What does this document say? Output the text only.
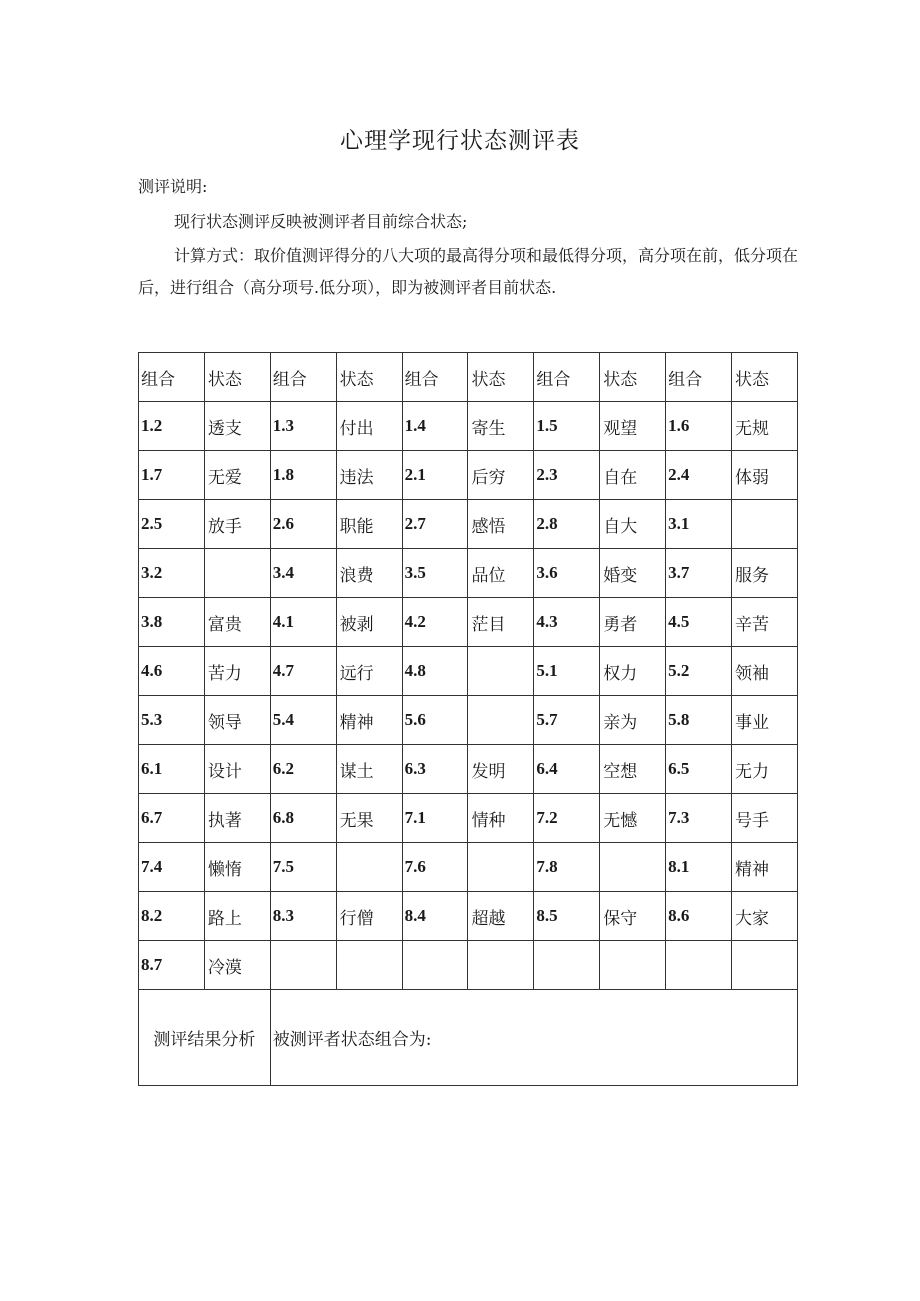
心理学现行状态测评表
测评说明:
现行状态测评反映被测评者目前综合状态;
计算方式：取价值测评得分的八大项的最高得分项和最低得分项，高分项在前，低分项在后，进行组合（高分项号.低分项），即为被测评者目前状态.
组合	状态	组合	状态	组合	状态	组合	状态	组合	状态
1.2	透支	1.3	付出	1.4	寄生	1.5	观望	1.6	无规
1.7	无爱	1.8	违法	2.1	后穷	2.3	自在	2.4	体弱
2.5	放手	2.6	职能	2.7	感悟	2.8	自大	3.1	
3.2		3.4	浪费	3.5	品位	3.6	婚变	3.7	服务
3.8	富贵	4.1	被剥	4.2	茫目	4.3	勇者	4.5	辛苦
4.6	苦力	4.7	远行	4.8		5.1	权力	5.2	领袖
5.3	领导	5.4	精神	5.6		5.7	亲为	5.8	事业
6.1	设计	6.2	谋土	6.3	发明	6.4	空想	6.5	无力
6.7	执著	6.8	无果	7.1	情种	7.2	无憾	7.3	号手
7.4	懒惰	7.5		7.6		7.8		8.1	精神
8.2	路上	8.3	行僧	8.4	超越	8.5	保守	8.6	大家
8.7	冷漠								
测评结果分析		被测评者状态组合为:							
